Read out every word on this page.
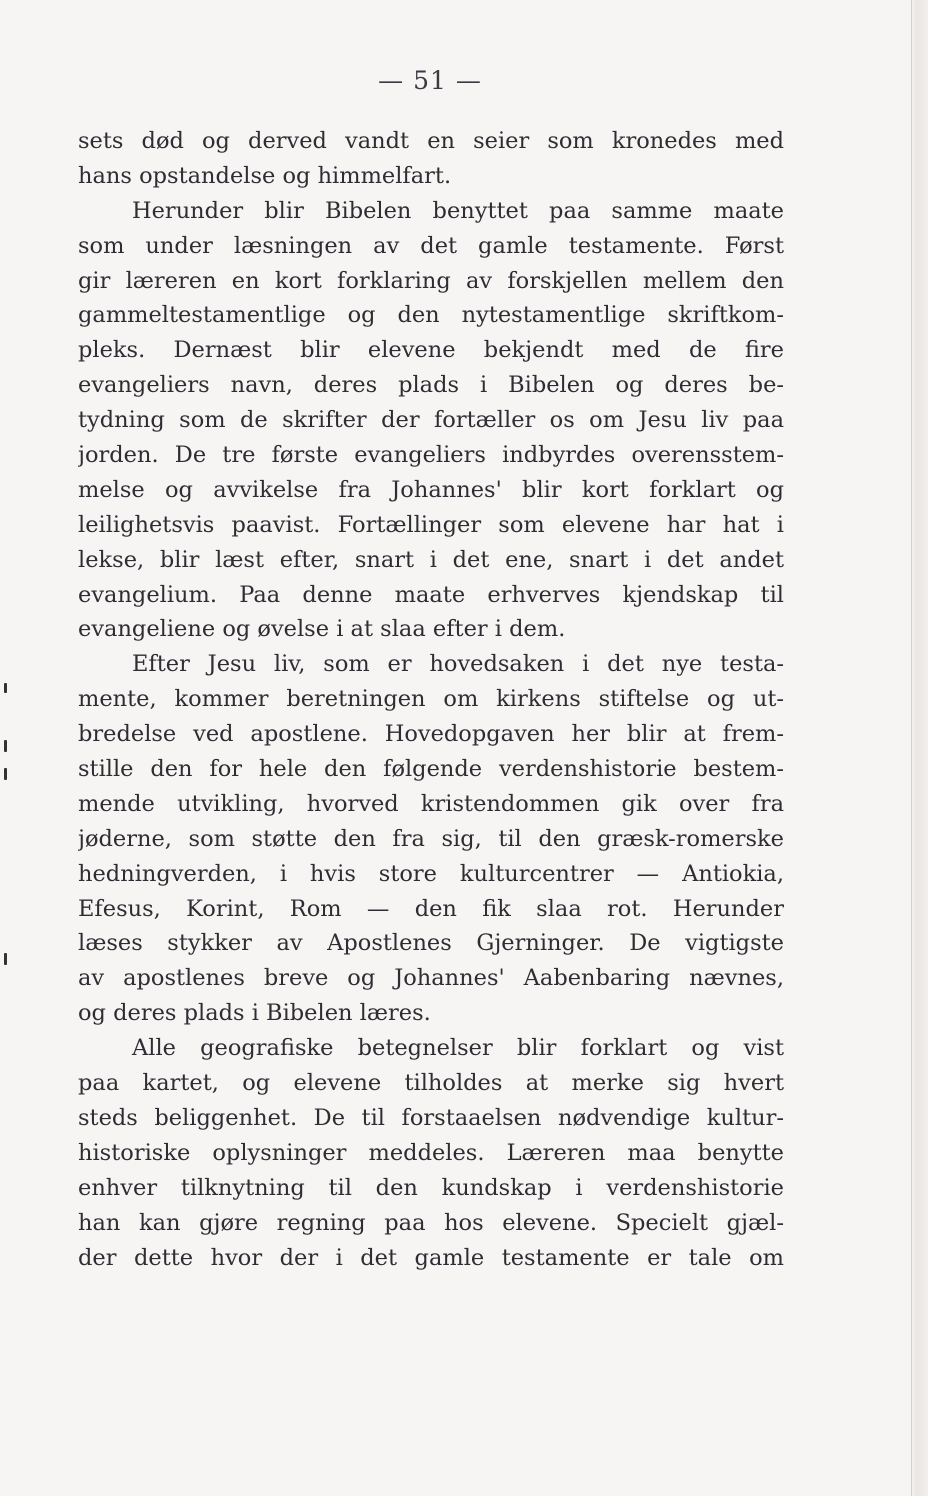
— 51 —
sets død og derved vandt en seier som kronedes med
hans opstandelse og himmelfart.
Herunder blir Bibelen benyttet paa samme maate
som under læsningen av det gamle testamente. Først
gir læreren en kort forklaring av forskjellen mellem den
gammeltestamentlige og den nytestamentlige skriftkom-
pleks. Dernæst blir elevene bekjendt med de fire
evangeliers navn, deres plads i Bibelen og deres be-
tydning som de skrifter der fortæller os om Jesu liv paa
jorden. De tre første evangeliers indbyrdes overensstem-
melse og avvikelse fra Johannes' blir kort forklart og
leilighetsvis paavist. Fortællinger som elevene har hat i
lekse, blir læst efter, snart i det ene, snart i det andet
evangelium. Paa denne maate erhverves kjendskap til
evangeliene og øvelse i at slaa efter i dem.
Efter Jesu liv, som er hovedsaken i det nye testa-
mente, kommer beretningen om kirkens stiftelse og ut-
bredelse ved apostlene. Hovedopgaven her blir at frem-
stille den for hele den følgende verdenshistorie bestem-
mende utvikling, hvorved kristendommen gik over fra
jøderne, som støtte den fra sig, til den græsk-romerske
hedningverden, i hvis store kulturcentrer — Antiokia,
Efesus, Korint, Rom — den fik slaa rot. Herunder
læses stykker av Apostlenes Gjerninger. De vigtigste
av apostlenes breve og Johannes' Aabenbaring nævnes,
og deres plads i Bibelen læres.
Alle geografiske betegnelser blir forklart og vist
paa kartet, og elevene tilholdes at merke sig hvert
steds beliggenhet. De til forstaaelsen nødvendige kultur-
historiske oplysninger meddeles. Læreren maa benytte
enhver tilknytning til den kundskap i verdenshistorie
han kan gjøre regning paa hos elevene. Specielt gjæl-
der dette hvor der i det gamle testamente er tale om
